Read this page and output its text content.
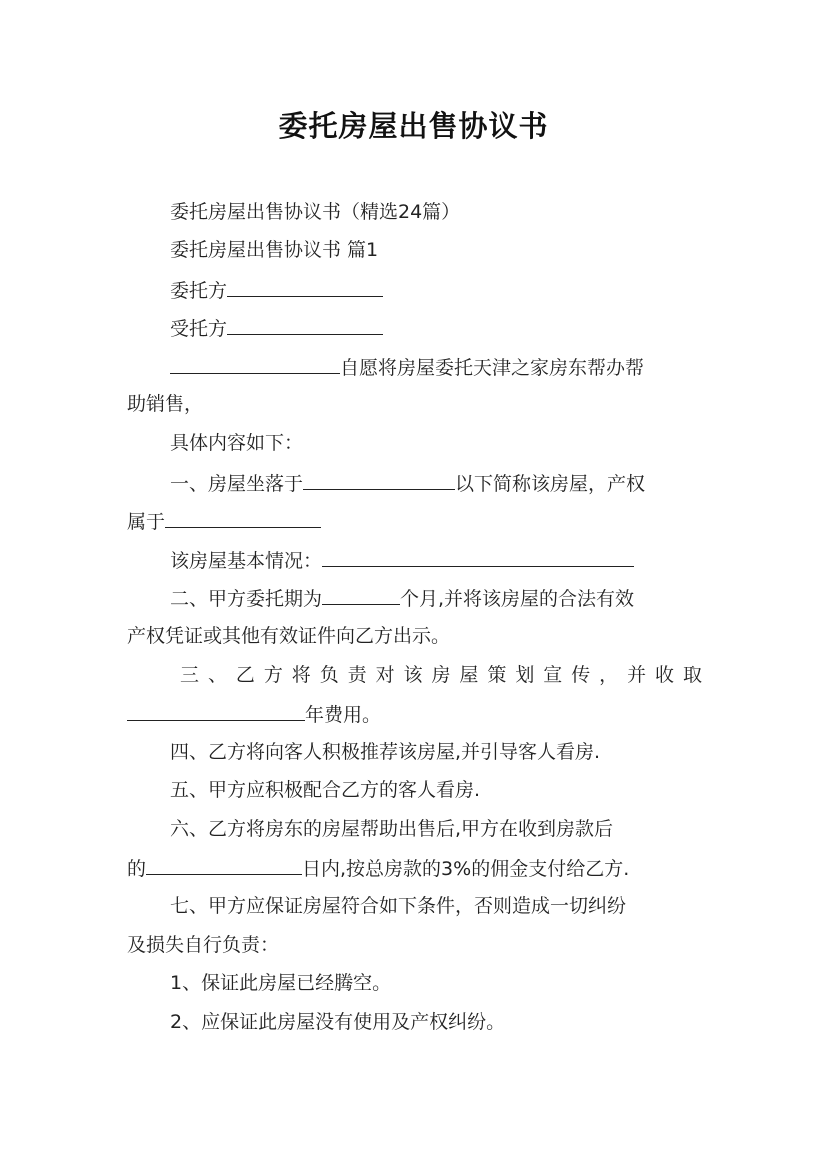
委托房屋出售协议书
委托房屋出售协议书（精选24篇）
委托房屋出售协议书 篇1
委托方
受托方
自愿将房屋委托天津之家房东帮办帮
助销售，
具体内容如下：
一、房屋坐落于	以下简称该房屋，产权
属于
该房屋基本情况：
二、甲方委托期为	个月,并将该房屋的合法有效
产权凭证或其他有效证件向乙方出示。
三、乙方将负责对该房屋策划宣传，并收取
年费用。
四、乙方将向客人积极推荐该房屋,并引导客人看房.
五、甲方应积极配合乙方的客人看房.
六、乙方将房东的房屋帮助出售后,甲方在收到房款后
的	日内,按总房款的3%的佣金支付给乙方.
七、甲方应保证房屋符合如下条件，否则造成一切纠纷
及损失自行负责：
1、保证此房屋已经腾空。
2、应保证此房屋没有使用及产权纠纷。
